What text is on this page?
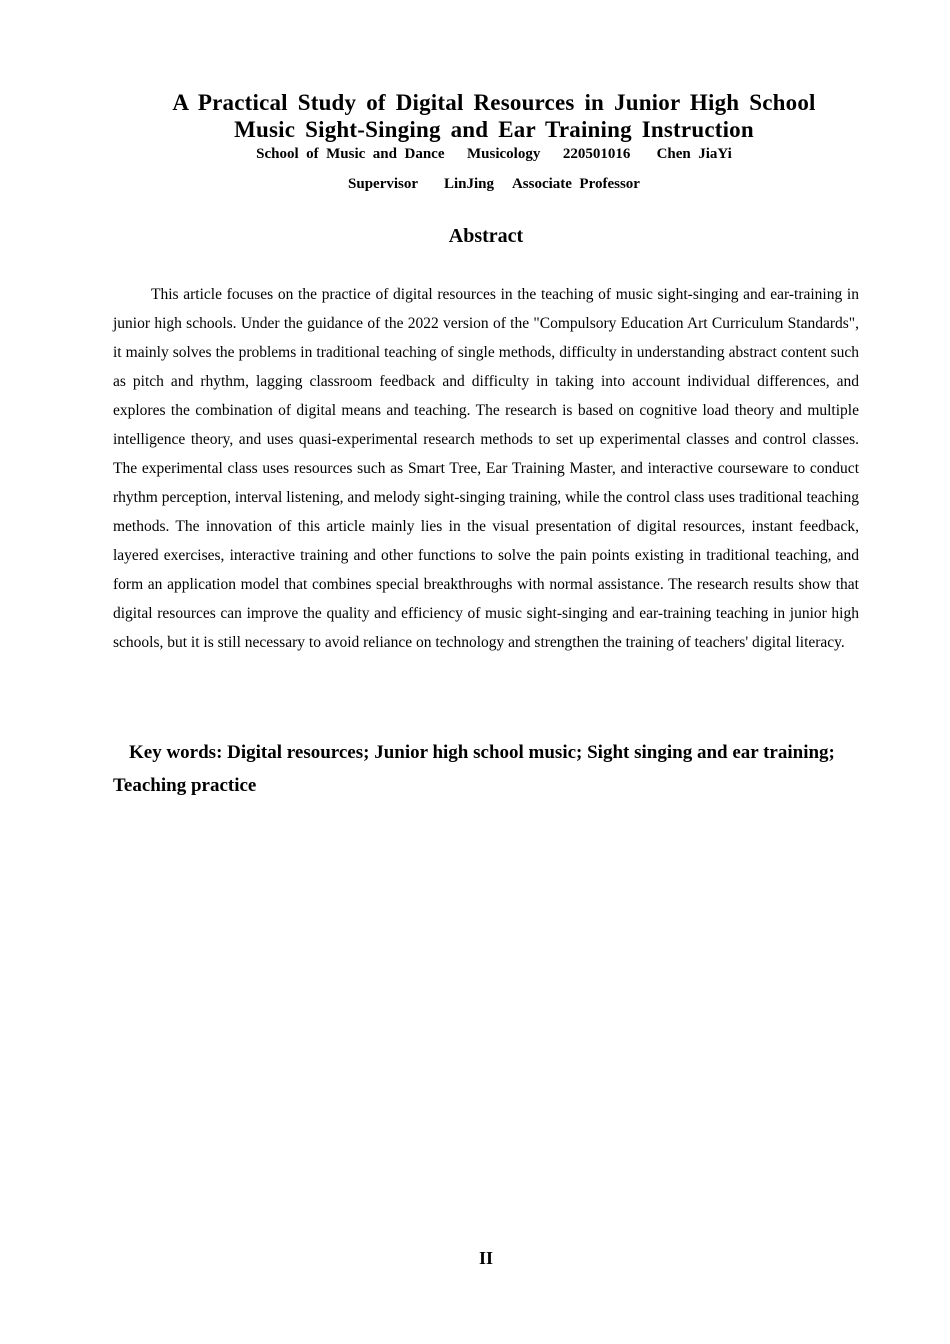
A Practical Study of Digital Resources in Junior High School
Music Sight-Singing and Ear Training Instruction
School  of  Music  and  Dance      Musicology      220501016       Chen  JiaYi
Supervisor       LinJing     Associate  Professor
Abstract

This article focuses on the practice of digital resources in the teaching of music sight-singing and ear-training in junior high schools. Under the guidance of the 2022 version of the "Compulsory Education Art Curriculum Standards", it mainly solves the problems in traditional teaching of single methods, difficulty in understanding abstract content such as pitch and rhythm, lagging classroom feedback and difficulty in taking into account individual differences, and explores the combination of digital means and teaching. The research is based on cognitive load theory and multiple intelligence theory, and uses quasi-experimental research methods to set up experimental classes and control classes. The experimental class uses resources such as Smart Tree, Ear Training Master, and interactive courseware to conduct rhythm perception, interval listening, and melody sight-singing training, while the control class uses traditional teaching methods. The innovation of this article mainly lies in the visual presentation of digital resources, instant feedback, layered exercises, interactive training and other functions to solve the pain points existing in traditional teaching, and form an application model that combines special breakthroughs with normal assistance. The research results show that digital resources can improve the quality and efficiency of music sight-singing and ear-training teaching in junior high schools, but it is still necessary to avoid reliance on technology and strengthen the training of teachers' digital literacy.

Key words: Digital resources; Junior high school music; Sight singing and ear training; Teaching practice

II
